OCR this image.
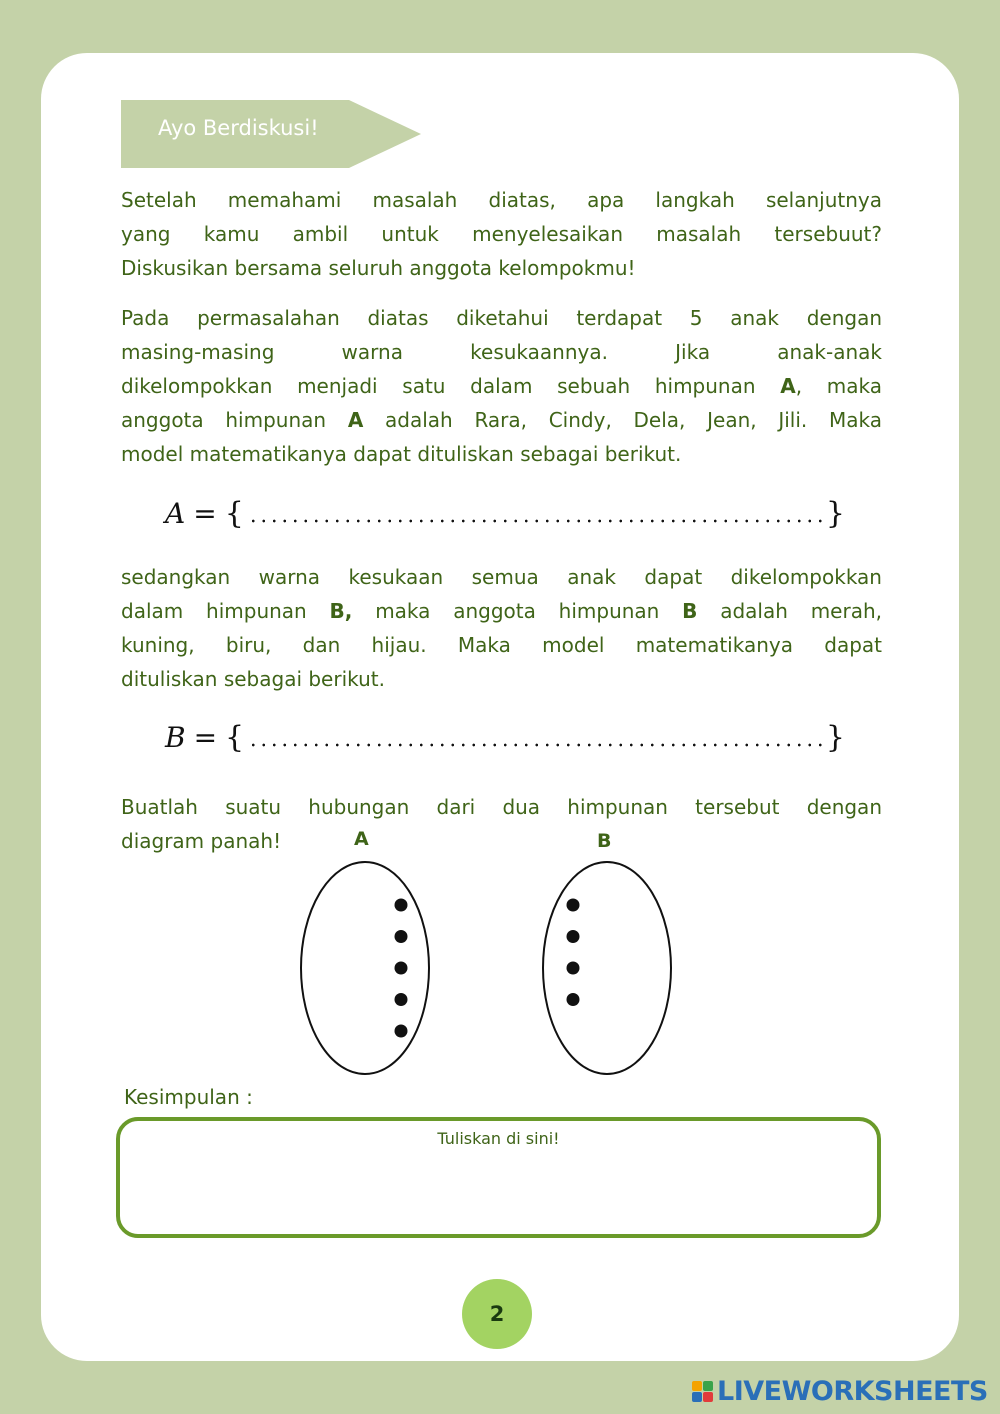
Ayo Berdiskusi!
Setelah memahami masalah diatas, apa langkah selanjutnya
yang kamu ambil untuk menyelesaikan masalah tersebuut?
Diskusikan bersama seluruh anggota kelompokmu!
Pada permasalahan diatas diketahui terdapat 5 anak dengan
masing-masing warna kesukaannya. Jika anak-anak
dikelompokkan menjadi satu dalam sebuah himpunan A, maka
anggota himpunan A adalah Rara, Cindy, Dela, Jean, Jili. Maka
model matematikanya dapat dituliskan sebagai berikut.
A = {	}
sedangkan warna kesukaan semua anak dapat dikelompokkan
dalam himpunan B, maka anggota himpunan B adalah merah,
kuning, biru, dan hijau. Maka model matematikanya dapat
dituliskan sebagai berikut.
B = {	}
Buatlah suatu hubungan dari dua himpunan tersebut dengan
diagram panah!	A	B
Kesimpulan :
Tuliskan di sini!
2
LIVEWORKSHEETS
